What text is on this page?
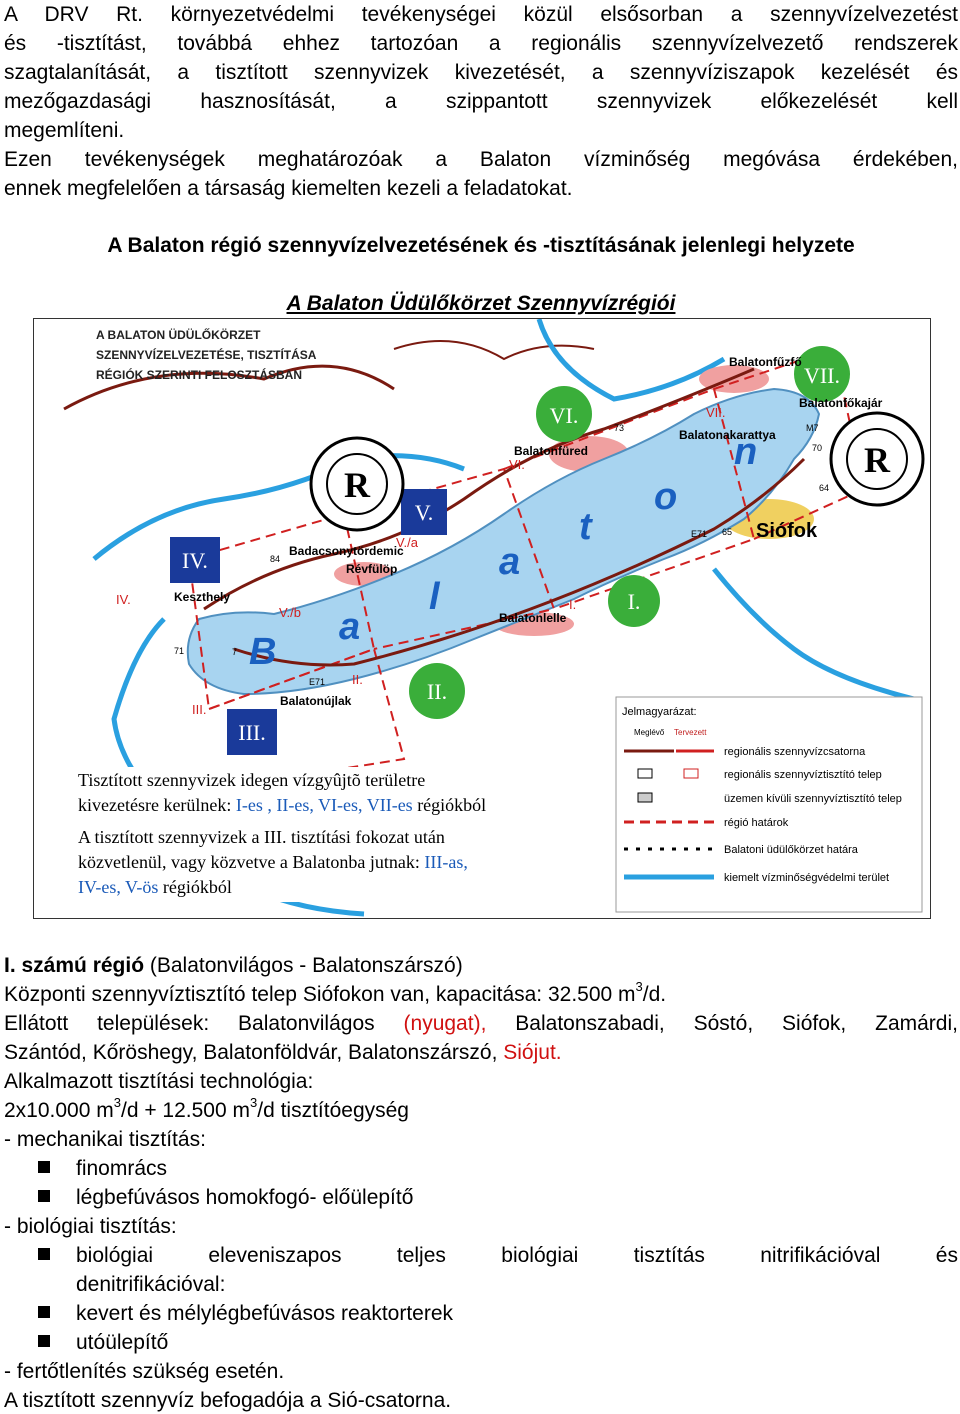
A DRV Rt. környezetvédelmi tevékenységei közül elsősorban a szennyvízelvezetést
és -tisztítást, továbbá ehhez tartozóan a regionális szennyvízelvezető rendszerek
szagtalanítását, a tisztított szennyvizek kivezetését, a szennyvíziszapok kezelését és
mezőgazdasági hasznosítását, a szippantott szennyvizek előkezelését kell
megemlíteni.
Ezen tevékenységek meghatározóak a Balaton vízminőség megóvása érdekében,
ennek megfelelően a társaság kiemelten kezeli a feladatokat.
A Balaton régió szennyvízelvezetésének és -tisztításának jelenlegi helyzete
A Balaton Üdülőkörzet Szennyvízrégiói
A BALATON ÜDÜLŐKÖRZET
SZENNYVÍZELVEZETÉSE, TISZTÍTÁSA
RÉGIÓK SZERINTI FELOSZTÁSBAN
B
a
l
a
t
o
n
VI.
VII.
I.
II.
V.
IV.
III.
VII.
VI.
V./a
V./b
IV.
III.
II.
I.
Balatonfűzfő
Balatonfőkajár
Balatonakarattya
Balatonfüred
Siófok
Badacsonytördemic
Révfülöp
Keszthely
Balatonlelle
Balatonújlak
73	M7
70
64
E71 65
84
71
E71
7
R
R
Tisztított szennyvizek idegen vízgyûjtõ területre
kivezetésre kerülnek: I-es , II-es, VI-es, VII-es régiókból
A tisztított szennyvizek a III. tisztítási fokozat után
közvetlenül, vagy közvetve a Balatonba jutnak: III-as,
IV-es, V-ös régiókból
Jelmagyarázat:
Meglévő Tervezett
regionális szennyvízcsatorna
regionális szennyvíztisztító telep
üzemen kívüli szennyvíztisztító telep
régió határok
Balatoni üdülőkörzet határa
kiemelt vízminőségvédelmi terület
I. számú régió (Balatonvilágos - Balatonszárszó)
Központi szennyvíztisztító telep Siófokon van, kapacitása: 32.500 $m^3/d$.
Ellátott települések: Balatonvilágos (nyugat), Balatonszabadi, Sóstó, Siófok, Zamárdi,
Szántód, Kőröshegy, Balatonföldvár, Balatonszárszó, Siójut.
Alkalmazott tisztítási technológia:
2x10.000 $m^3/d + 12.500$ $m^3/d$ tisztítóegység
- mechanikai tisztítás:
finomrács
légbefúvásos homokfogó- előülepítő
- biológiai tisztítás:
biológiai eleveniszapos teljes biológiai tisztítás nitrifikációval és
denitrifikációval:
kevert és mélylégbefúvásos reaktorterek
utóülepítő
- fertőtlenítés szükség esetén.
A tisztított szennyvíz befogadója a Sió-csatorna.
